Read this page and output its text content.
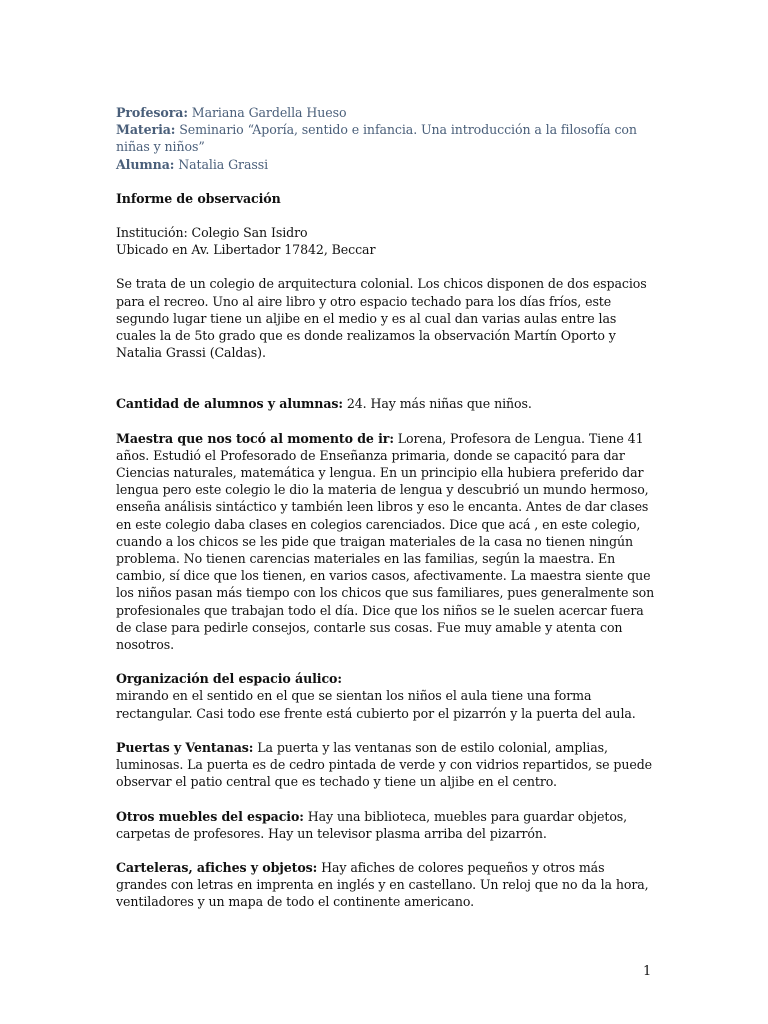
Profesora: Mariana Gardella Hueso
Materia: Seminario “Aporía, sentido e infancia. Una introducción a la filosofía con niñas y niños”
Alumna: Natalia Grassi

Informe de observación

Institución: Colegio San Isidro

Ubicado en Av. Libertador 17842, Beccar

Se trata de un colegio de arquitectura colonial. Los chicos disponen de dos espacios para el recreo. Uno al aire libro y otro espacio techado para los días fríos, este segundo lugar tiene un aljibe en el medio y es al cual dan varias aulas entre las cuales la de 5to grado que es donde realizamos la observación Martín Oporto y Natalia Grassi (Caldas).

Cantidad de alumnos y alumnas: 24. Hay más niñas que niños.

Maestra que nos tocó al momento de ir: Lorena, Profesora de Lengua. Tiene 41 años. Estudió el Profesorado de Enseñanza primaria, donde se capacitó para dar Ciencias naturales, matemática y lengua. En un principio ella hubiera preferido dar lengua pero este colegio le dio la materia de lengua y descubrió un mundo hermoso, enseña análisis sintáctico y también leen libros y eso le encanta. Antes de dar clases en este colegio daba clases en colegios carenciados. Dice que acá , en este colegio, cuando a los chicos se les pide que traigan materiales de la casa no tienen ningún problema. No tienen carencias materiales en las familias, según la maestra. En cambio, sí dice que los tienen, en varios casos, afectivamente. La maestra siente que los niños pasan más tiempo con los chicos que sus familiares, pues generalmente son profesionales que trabajan todo el día. Dice que los niños se le suelen acercar fuera de clase para pedirle consejos, contarle sus cosas. Fue muy amable y atenta con nosotros.

Organización del espacio áulico:

mirando en el sentido en el que se sientan los niños el aula tiene una forma rectangular. Casi todo ese frente está cubierto por el pizarrón y la puerta del aula.

Puertas y Ventanas: La puerta y las ventanas son de estilo colonial, amplias, luminosas. La puerta es de cedro pintada de verde y con vidrios repartidos, se puede observar el patio central que es techado y tiene un aljibe en el centro.

Otros muebles del espacio: Hay una biblioteca, muebles para guardar objetos, carpetas de profesores. Hay un televisor plasma arriba del pizarrón.

Carteleras, afiches y objetos: Hay afiches de colores pequeños y otros más grandes con letras en imprenta en inglés y en castellano. Un reloj que no da la hora, ventiladores y un mapa de todo el continente americano.

1
